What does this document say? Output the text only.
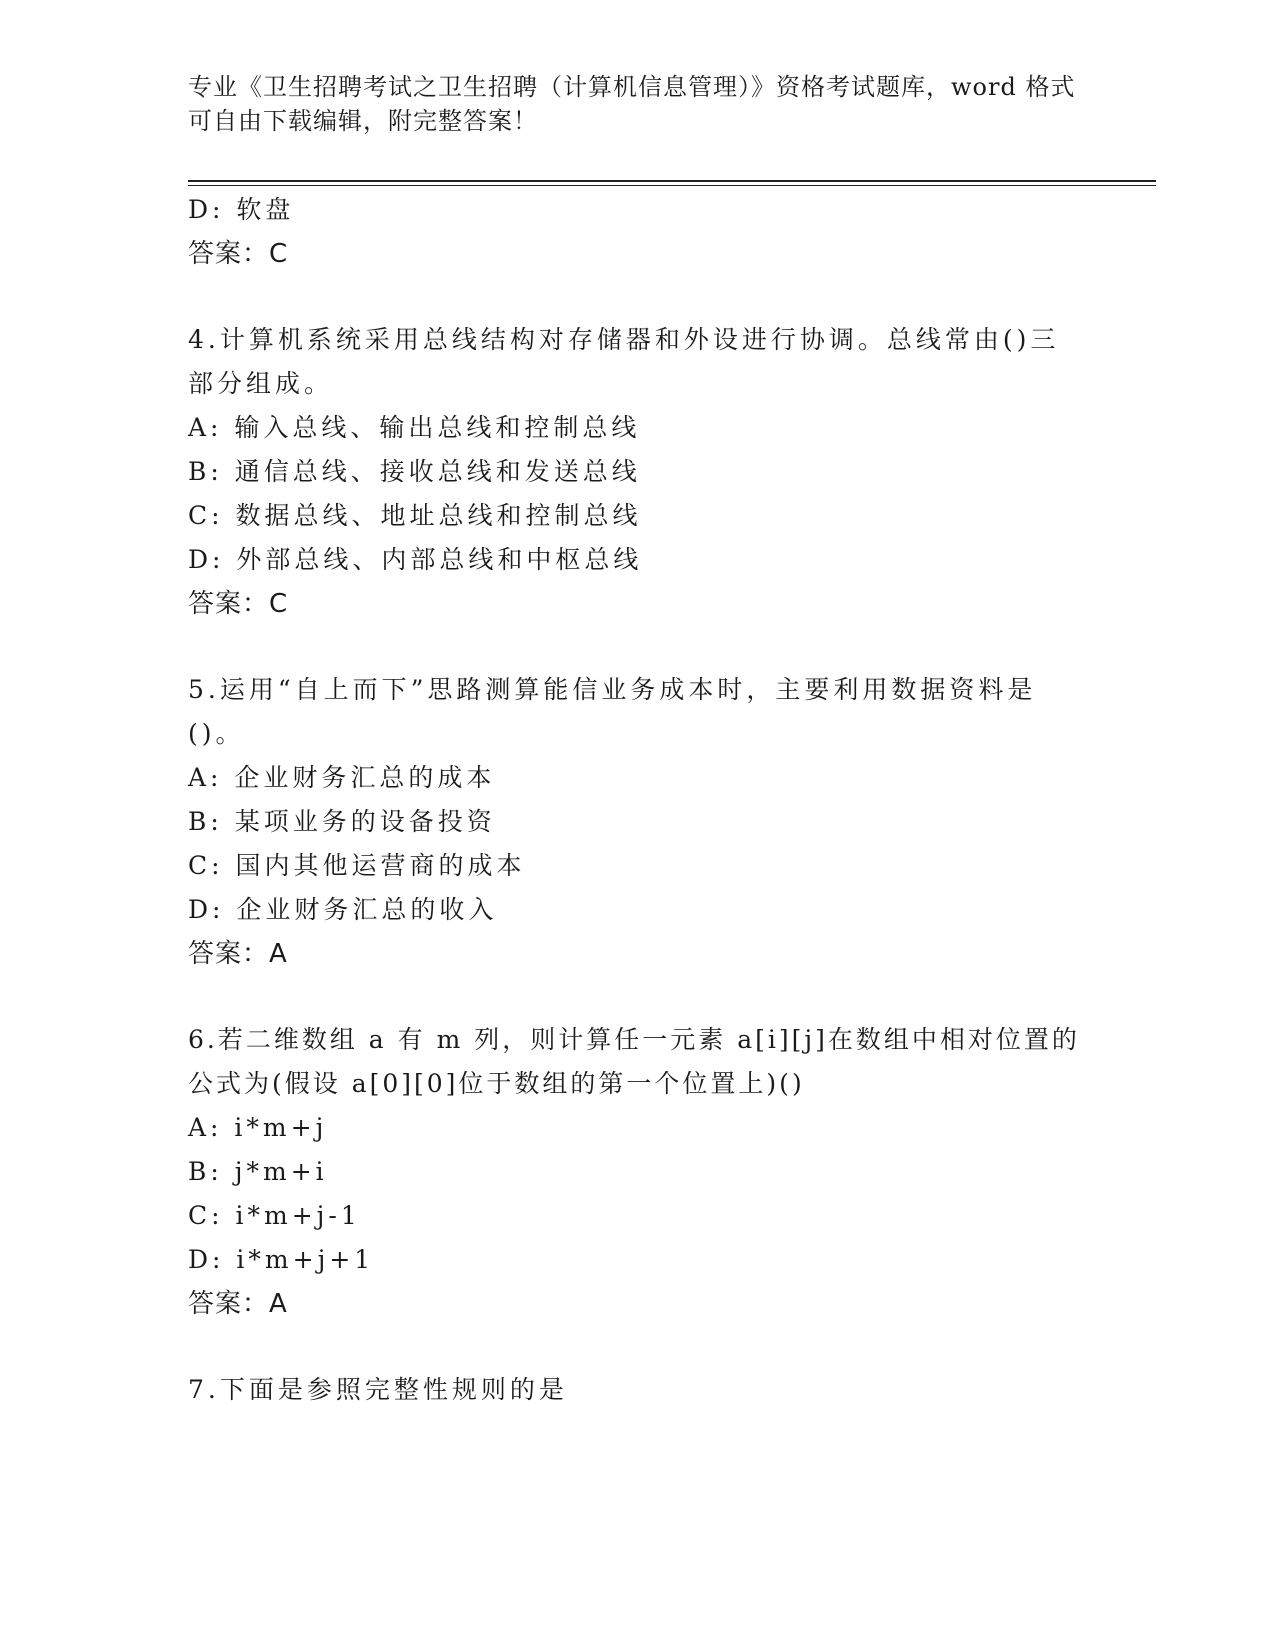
专业《卫生招聘考试之卫生招聘（计算机信息管理）》资格考试题库，word 格式
可自由下载编辑，附完整答案！
D: 软盘
答案：C
4.计算机系统采用总线结构对存储器和外设进行协调。总线常由()三
部分组成。
A: 输入总线、输出总线和控制总线
B: 通信总线、接收总线和发送总线
C: 数据总线、地址总线和控制总线
D: 外部总线、内部总线和中枢总线
答案：C
5.运用“自上而下”思路测算能信业务成本时，主要利用数据资料是
()。
A: 企业财务汇总的成本
B: 某项业务的设备投资
C: 国内其他运营商的成本
D: 企业财务汇总的收入
答案：A
6.若二维数组 a 有 m 列，则计算任一元素 a[i][j]在数组中相对位置的
公式为(假设 a[0][0]位于数组的第一个位置上)()
A: i*m+j
B: j*m+i
C: i*m+j-1
D: i*m+j+1
答案：A
7.下面是参照完整性规则的是
